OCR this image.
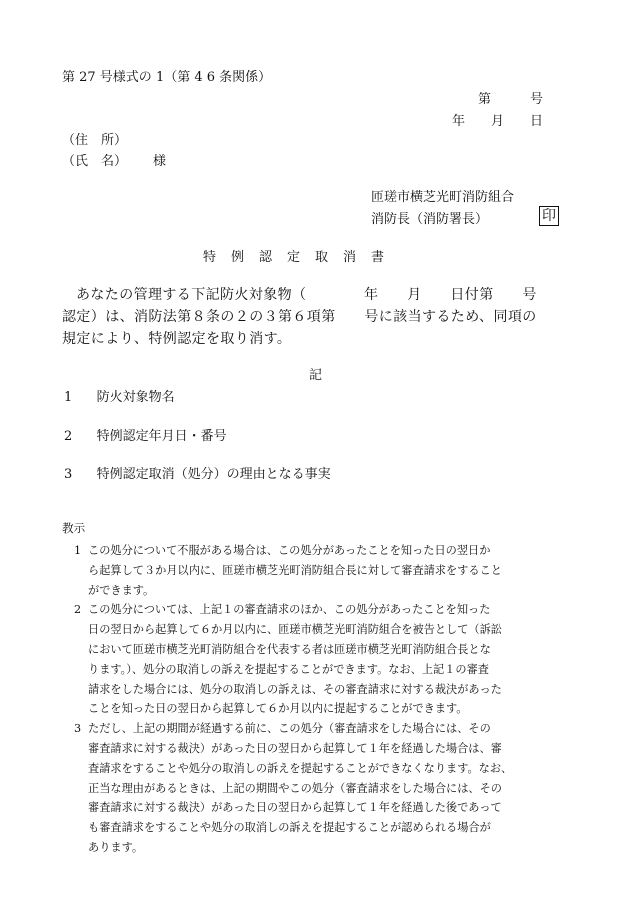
第 27 号様式の 1（第 4 6 条関係）
第　　　号
年　　月　　日
（住　所）
（氏　名） 様
匝瑳市横芝光町消防組合
消防長（消防署長）	印
特　例　認　定　取　消　書
あなたの管理する下記防火対象物（　　　　年　　月　　日付第　　号
認定）は、消防法第８条の２の３第６項第　　号に該当するため、同項の
規定により、特例認定を取り消す。
記
1 防火対象物名
2 特例認定年月日・番号
3 特例認定取消（処分）の理由となる事実
教示
1 この処分について不服がある場合は、この処分があったことを知った日の翌日か
ら起算して３か月以内に、匝瑳市横芝光町消防組合長に対して審査請求をすること
ができます。
2 この処分については、上記１の審査請求のほか、この処分があったことを知った
日の翌日から起算して６か月以内に、匝瑳市横芝光町消防組合を被告として（訴訟
において匝瑳市横芝光町消防組合を代表する者は匝瑳市横芝光町消防組合長とな
ります。）、処分の取消しの訴えを提起することができます。なお、上記１の審査
請求をした場合には、処分の取消しの訴えは、その審査請求に対する裁決があった
ことを知った日の翌日から起算して６か月以内に提起することができます。
3 ただし、上記の期間が経過する前に、この処分（審査請求をした場合には、その
審査請求に対する裁決）があった日の翌日から起算して１年を経過した場合は、審
査請求をすることや処分の取消しの訴えを提起することができなくなります。なお、
正当な理由があるときは、上記の期間やこの処分（審査請求をした場合には、その
審査請求に対する裁決）があった日の翌日から起算して１年を経過した後であって
も審査請求をすることや処分の取消しの訴えを提起することが認められる場合が
あります。
